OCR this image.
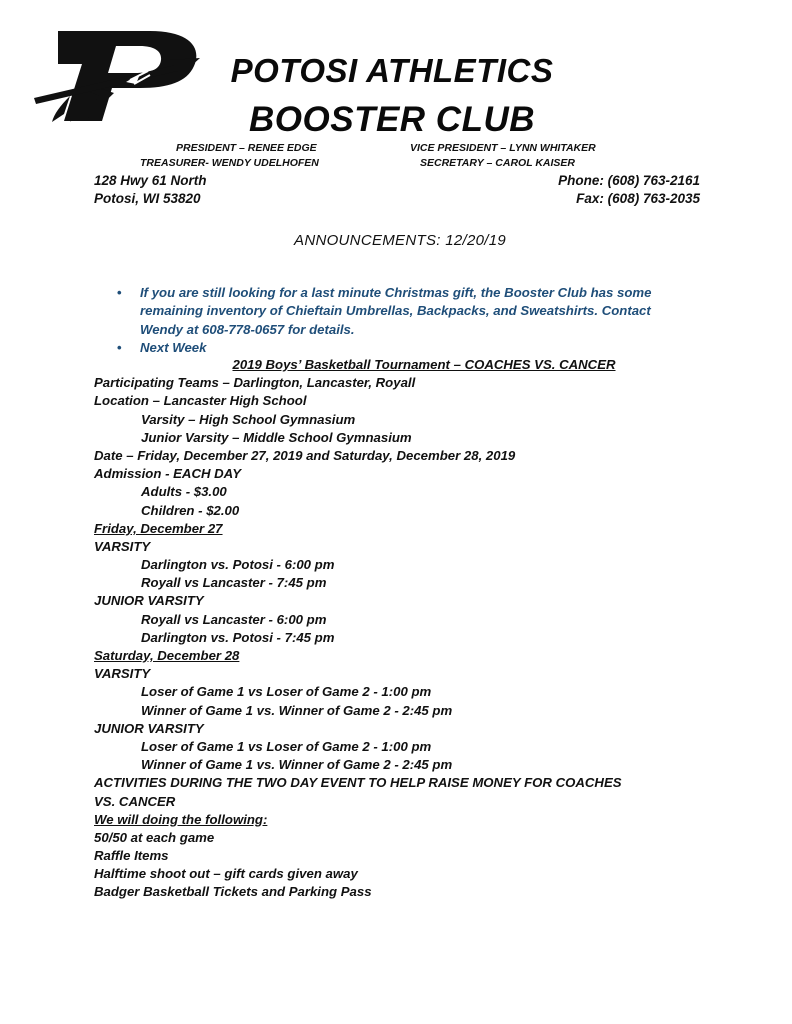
POTOSI ATHLETICS
BOOSTER CLUB
PRESIDENT – RENEE EDGE	VICE PRESIDENT – LYNN WHITAKER
TREASURER- WENDY UDELHOFEN	SECRETARY – CAROL KAISER
128 Hwy 61 North
Potosi, WI 53820
Phone: (608) 763-2161
Fax: (608) 763-2035
ANNOUNCEMENTS: 12/20/19
• If you are still looking for a last minute Christmas gift, the Booster Club has some remaining inventory of Chieftain Umbrellas, Backpacks, and Sweatshirts. Contact Wendy at 608-778-0657 for details.
• Next Week
2019 Boys’ Basketball Tournament – COACHES VS. CANCER
Participating Teams – Darlington, Lancaster, Royall
Location – Lancaster High School
Varsity – High School Gymnasium
Junior Varsity – Middle School Gymnasium
Date – Friday, December 27, 2019 and Saturday, December 28, 2019
Admission - EACH DAY
Adults - $3.00
Children - $2.00
Friday, December 27
VARSITY
Darlington vs. Potosi - 6:00 pm
Royall vs Lancaster - 7:45 pm
JUNIOR VARSITY
Royall vs Lancaster - 6:00 pm
Darlington vs. Potosi - 7:45 pm
Saturday, December 28
VARSITY
Loser of Game 1 vs Loser of Game 2 - 1:00 pm
Winner of Game 1 vs. Winner of Game 2 - 2:45 pm
JUNIOR VARSITY
Loser of Game 1 vs Loser of Game 2 - 1:00 pm
Winner of Game 1 vs. Winner of Game 2 - 2:45 pm
ACTIVITIES DURING THE TWO DAY EVENT TO HELP RAISE MONEY FOR COACHES
VS. CANCER
We will doing the following:
50/50 at each game
Raffle Items
Halftime shoot out – gift cards given away
Badger Basketball Tickets and Parking Pass
